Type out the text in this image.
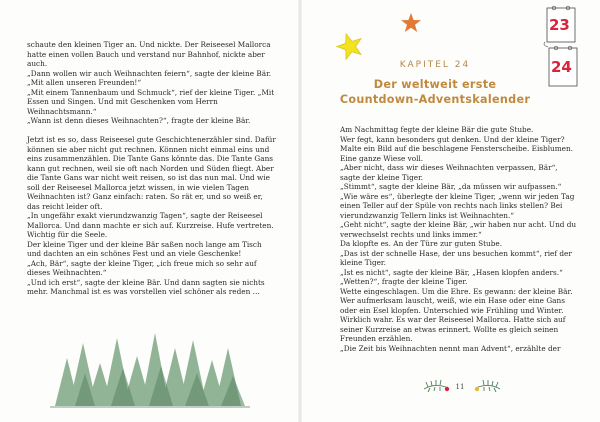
schaute den kleinen Tiger an. Und nickte. Der Reiseesel Mallorca hatte einen vollen Bauch und verstand nur Bahnhof, nickte aber auch.

„Dann wollen wir auch Weihnachten feiern“, sagte der kleine Bär.

„Mit allen unseren Freunden!“

„Mit einem Tannenbaum und Schmuck“, rief der kleine Tiger. „Mit Essen und Singen. Und mit Geschenken vom Herrn Weihnachtsmann.“

„Wann ist denn dieses Weihnachten?“, fragte der kleine Bär.

Jetzt ist es so, dass Reiseesel gute Geschichtenerzähler sind. Dafür können sie aber nicht gut rechnen. Können nicht einmal eins und eins zusammenzählen. Die Tante Gans könnte das. Die Tante Gans kann gut rechnen, weil sie oft nach Norden und Süden fliegt. Aber die Tante Gans war nicht weit reisen, so ist das nun mal. Und wie soll der Reiseesel Mallorca jetzt wissen, in wie vielen Tagen Weihnachten ist? Ganz einfach: raten. So rät er, und so weiß er, das reicht leider oft.

„In ungefähr exakt vierundzwanzig Tagen“, sagte der Reiseesel Mallorca. Und dann machte er sich auf. Kurzreise. Hufe vertreten. Wichtig für die Seele.

Der kleine Tiger und der kleine Bär saßen noch lange am Tisch und dachten an ein schönes Fest und an viele Geschenke!

„Ach, Bär“, sagte der kleine Tiger, „ich freue mich so sehr auf dieses Weihnachten.“

„Und ich erst“, sagte der kleine Bär. Und dann sagten sie nichts mehr. Manchmal ist es was vorstellen viel schöner als reden …

23
24
KAPITEL 24
Der weltweit erste
Countdown-Adventskalender

Am Nachmittag fegte der kleine Bär die gute Stube.

Wer fegt, kann besonders gut denken. Und der kleine Tiger? Malte ein Bild auf die beschlagene Fensterscheibe. Eisblumen. Eine ganze Wiese voll.

„Aber nicht, dass wir dieses Weihnachten verpassen, Bär“, sagte der kleine Tiger.

„Stimmt“, sagte der kleine Bär, „da müssen wir aufpassen.“

„Wie wäre es“, überlegte der kleine Tiger, „wenn wir jeden Tag einen Teller auf der Spüle von rechts nach links stellen? Bei vierundzwanzig Tellern links ist Weihnachten.“

„Geht nicht“, sagte der kleine Bär, „wir haben nur acht. Und du verwechselst rechts und links immer.“

Da klopfte es. An der Türe zur guten Stube.

„Das ist der schnelle Hase, der uns besuchen kommt“, rief der kleine Tiger.

„Ist es nicht“, sagte der kleine Bär, „Hasen klopfen anders.“

„Wetten?“, fragte der kleine Tiger.

Wette eingeschlagen. Um die Ehre. Es gewann: der kleine Bär. Wer aufmerksam lauscht, weiß, wie ein Hase oder eine Gans oder ein Esel klopfen. Unterschied wie Frühling und Winter. Wirklich wahr. Es war der Reiseesel Mallorca. Hatte sich auf seiner Kurzreise an etwas erinnert. Wollte es gleich seinen Freunden erzählen.

„Die Zeit bis Weihnachten nennt man Advent“, erzählte der

11
